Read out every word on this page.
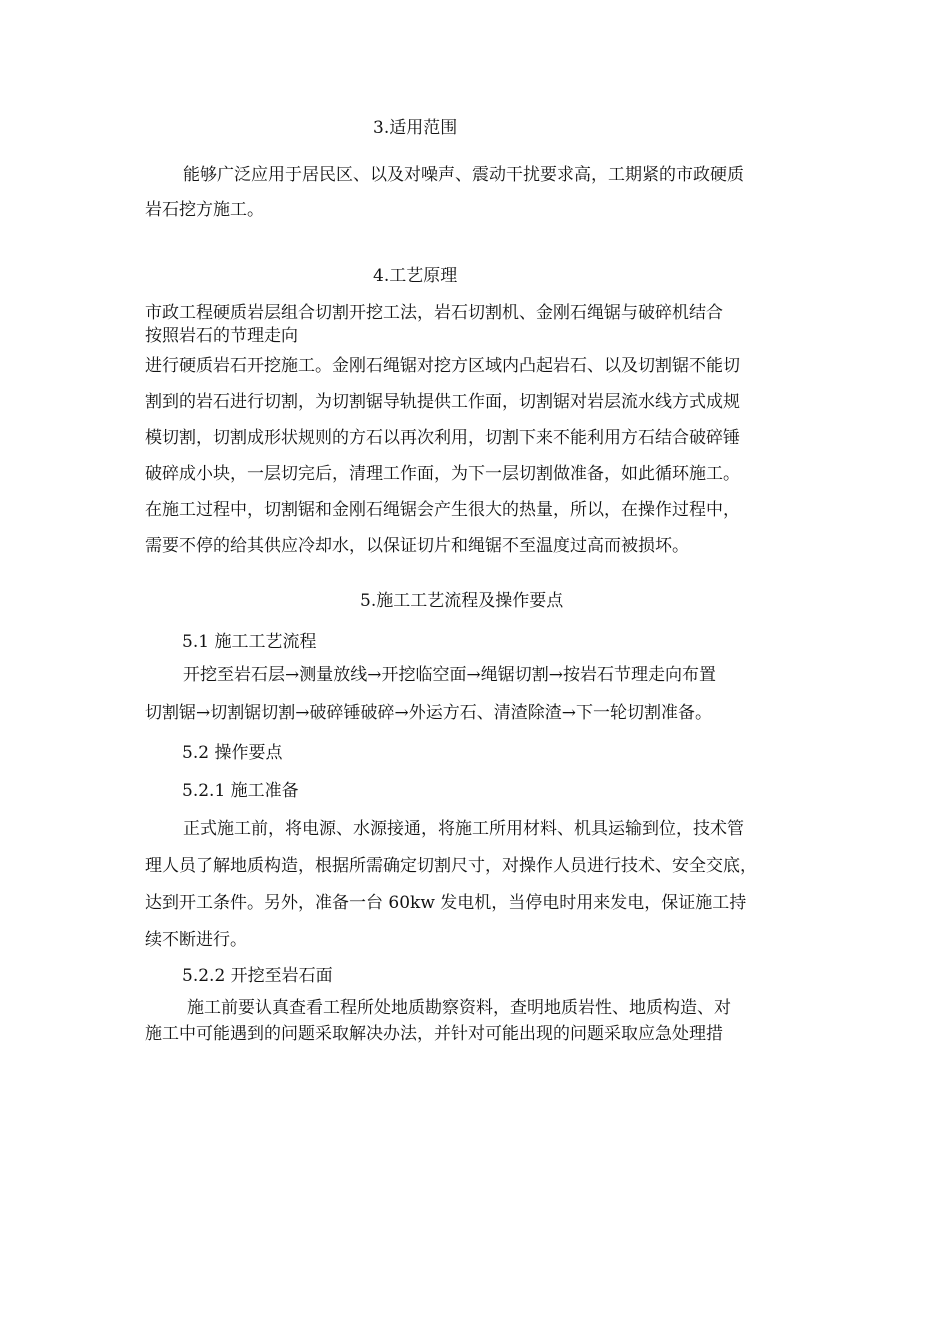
3.适用范围
能够广泛应用于居民区、以及对噪声、震动干扰要求高，工期紧的市政硬质
岩石挖方施工。
4.工艺原理
市政工程硬质岩层组合切割开挖工法，岩石切割机、金刚石绳锯与破碎机结合
按照岩石的节理走向
进行硬质岩石开挖施工。金刚石绳锯对挖方区域内凸起岩石、以及切割锯不能切
割到的岩石进行切割，为切割锯导轨提供工作面，切割锯对岩层流水线方式成规
模切割，切割成形状规则的方石以再次利用，切割下来不能利用方石结合破碎锤
破碎成小块，一层切完后，清理工作面，为下一层切割做准备，如此循环施工。
在施工过程中，切割锯和金刚石绳锯会产生很大的热量，所以，在操作过程中，
需要不停的给其供应冷却水，以保证切片和绳锯不至温度过高而被损坏。
5.施工工艺流程及操作要点
5.1 施工工艺流程
开挖至岩石层→测量放线→开挖临空面→绳锯切割→按岩石节理走向布置
切割锯→切割锯切割→破碎锤破碎→外运方石、清渣除渣→下一轮切割准备。
5.2 操作要点
5.2.1 施工准备
正式施工前，将电源、水源接通，将施工所用材料、机具运输到位，技术管
理人员了解地质构造，根据所需确定切割尺寸，对操作人员进行技术、安全交底，
达到开工条件。另外，准备一台 60kw 发电机，当停电时用来发电，保证施工持
续不断进行。
5.2.2 开挖至岩石面
施工前要认真查看工程所处地质勘察资料，查明地质岩性、地质构造、对
施工中可能遇到的问题采取解决办法，并针对可能出现的问题采取应急处理措
